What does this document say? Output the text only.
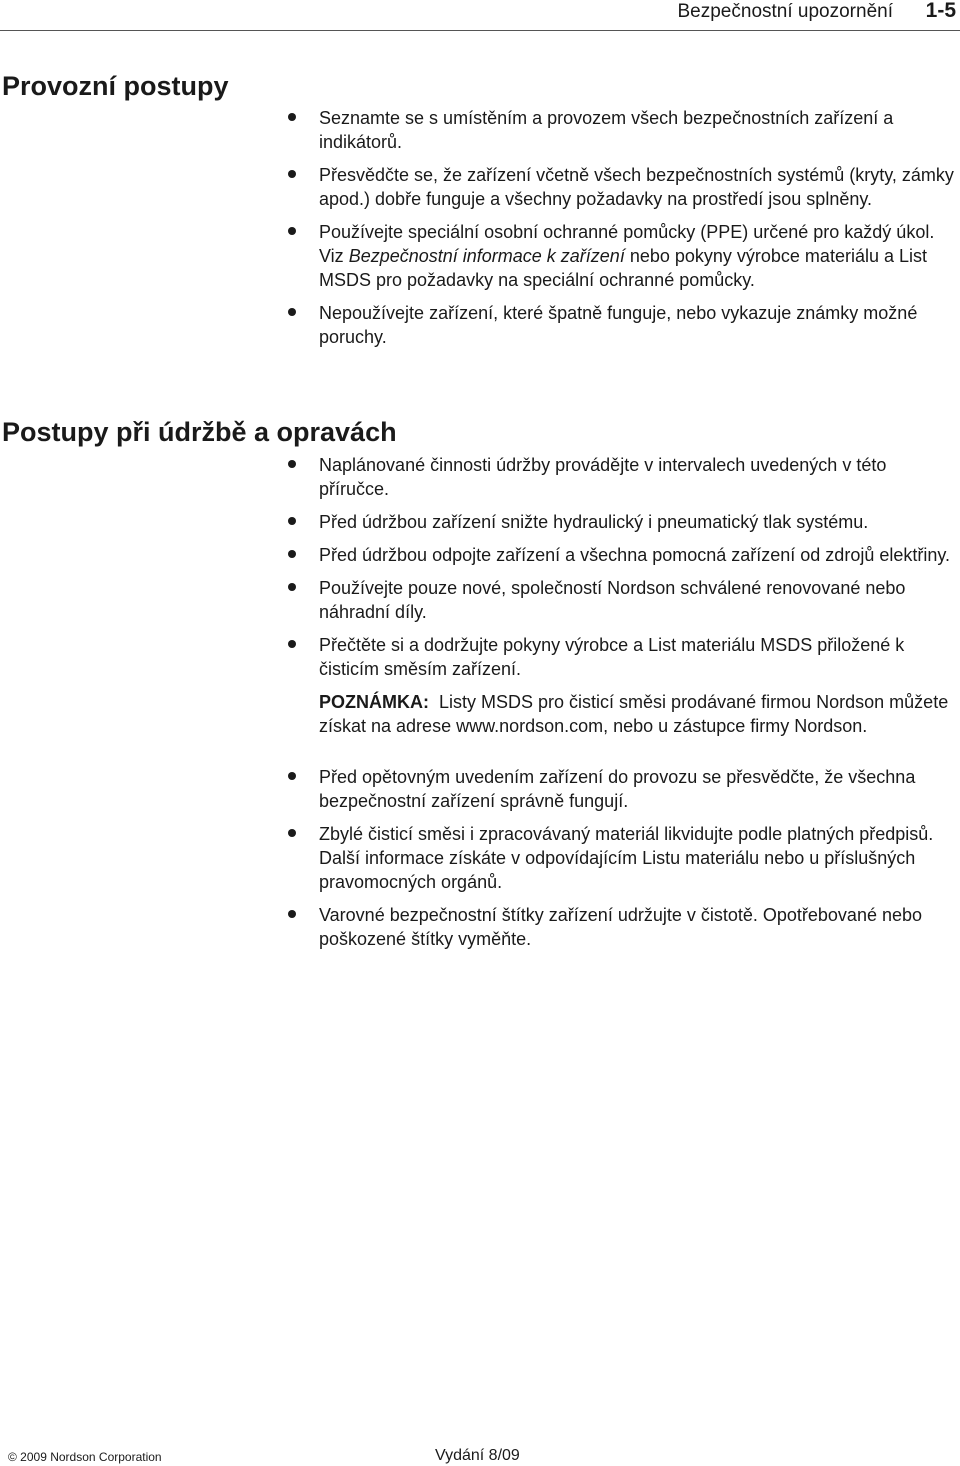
Bezpečnostní upozornění 1-5
Provozní postupy
Seznamte se s umístěním a provozem všech bezpečnostních zařízení a indikátorů.
Přesvědčte se, že zařízení včetně všech bezpečnostních systémů (kryty, zámky apod.) dobře funguje a všechny požadavky na prostředí jsou splněny.
Používejte speciální osobní ochranné pomůcky (PPE) určené pro každý úkol. Viz Bezpečnostní informace k zařízení nebo pokyny výrobce materiálu a List MSDS pro požadavky na speciální ochranné pomůcky.
Nepoužívejte zařízení, které špatně funguje, nebo vykazuje známky možné poruchy.
Postupy při údržbě a opravách
Naplánované činnosti údržby provádějte v intervalech uvedených v této příručce.
Před údržbou zařízení snižte hydraulický i pneumatický tlak systému.
Před údržbou odpojte zařízení a všechna pomocná zařízení od zdrojů elektřiny.
Používejte pouze nové, společností Nordson schválené renovované nebo náhradní díly.
Přečtěte si a dodržujte pokyny výrobce a List materiálu MSDS přiložené k čisticím směsím zařízení.
POZNÁMKA: Listy MSDS pro čisticí směsi prodávané firmou Nordson můžete získat na adrese www.nordson.com, nebo u zástupce firmy Nordson.
Před opětovným uvedením zařízení do provozu se přesvědčte, že všechna bezpečnostní zařízení správně fungují.
Zbylé čisticí směsi i zpracovávaný materiál likvidujte podle platných předpisů. Další informace získáte v odpovídajícím Listu materiálu nebo u příslušných pravomocných orgánů.
Varovné bezpečnostní štítky zařízení udržujte v čistotě. Opotřebované nebo poškozené štítky vyměňte.
© 2009 Nordson Corporation	Vydání 8/09
